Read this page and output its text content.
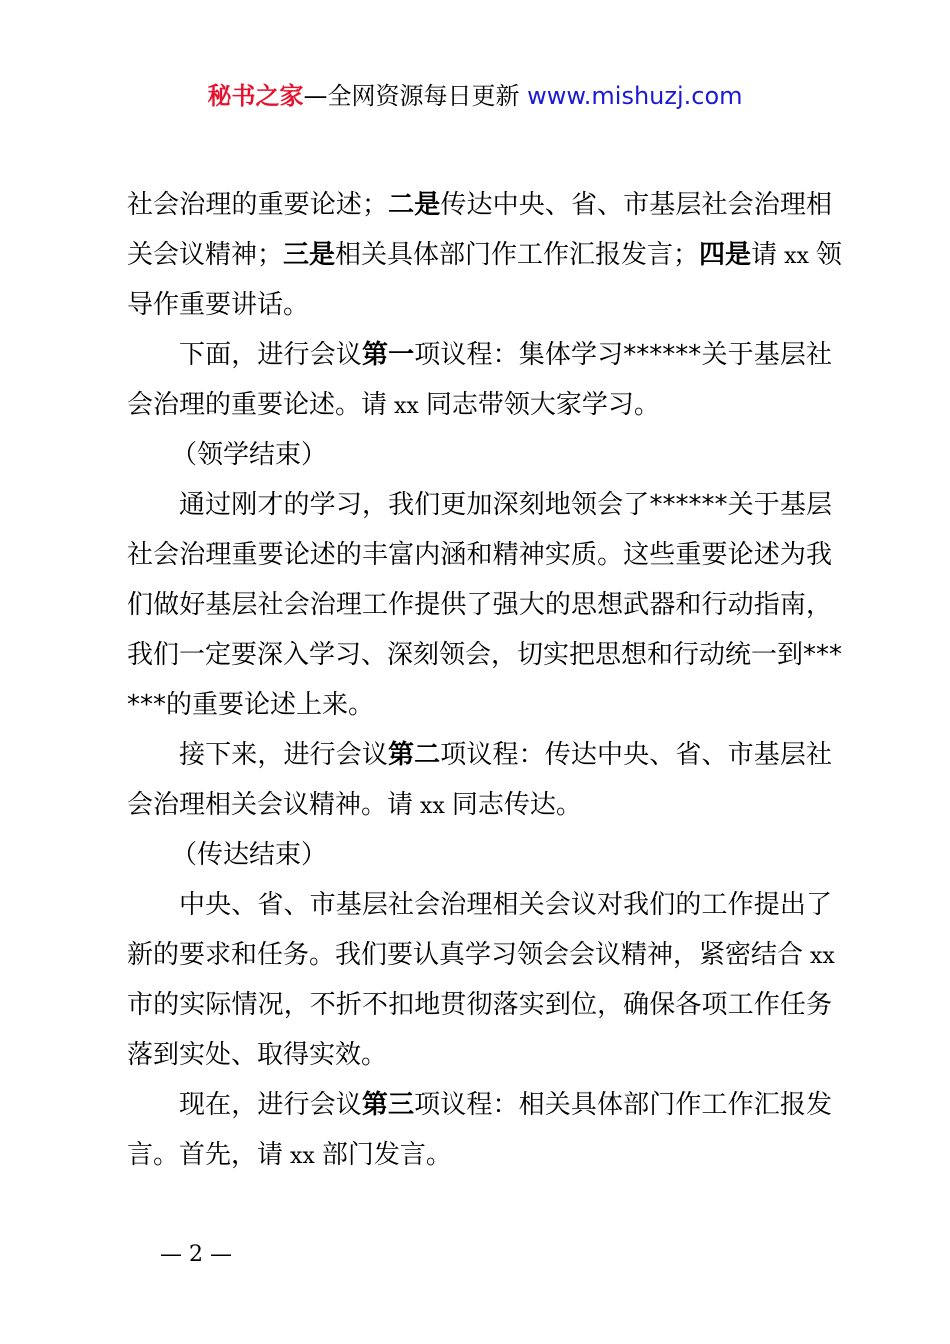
秘书之家—全网资源每日更新 www.mishuzj.com
社会治理的重要论述；二是传达中央、省、市基层社会治理相
关会议精神；三是相关具体部门作工作汇报发言；四是请 xx 领
导作重要讲话。
下面，进行会议第一项议程：集体学习******关于基层社
会治理的重要论述。请 xx 同志带领大家学习。
（领学结束）
通过刚才的学习，我们更加深刻地领会了******关于基层
社会治理重要论述的丰富内涵和精神实质。这些重要论述为我
们做好基层社会治理工作提供了强大的思想武器和行动指南，
我们一定要深入学习、深刻领会，切实把思想和行动统一到***
***的重要论述上来。
接下来，进行会议第二项议程：传达中央、省、市基层社
会治理相关会议精神。请 xx 同志传达。
（传达结束）
中央、省、市基层社会治理相关会议对我们的工作提出了
新的要求和任务。我们要认真学习领会会议精神，紧密结合 xx
市的实际情况，不折不扣地贯彻落实到位，确保各项工作任务
落到实处、取得实效。
现在，进行会议第三项议程：相关具体部门作工作汇报发
言。首先，请 xx 部门发言。
— 2 —
